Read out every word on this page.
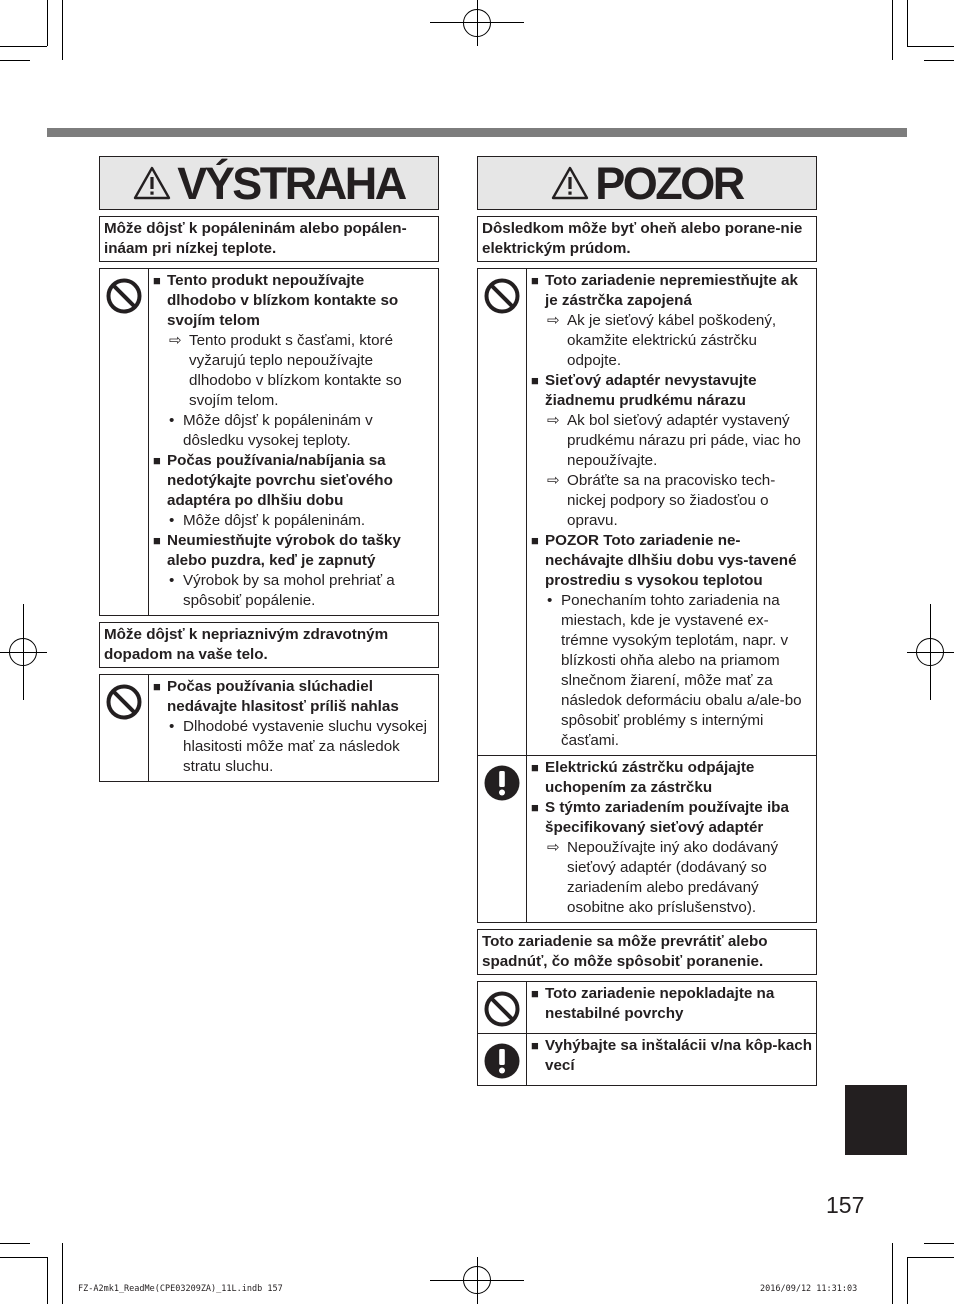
VÝSTRAHA
Môže dôjsť k popáleninám alebo popálen-ináam pri nízkej teplote.
■ Tento produkt nepoužívajte dlhodobo v blízkom kontakte so svojím telom
⇨ Tento produkt s časťami, ktoré vyžarujú teplo nepoužívajte dlhodobo v blízkom kontakte so svojím telom.
• Môže dôjsť k popáleninám v dôsledku vysokej teploty.
■ Počas používania/nabíjania sa nedotýkajte povrchu sieťového adaptéra po dlhšiu dobu
• Môže dôjsť k popáleninám.
■ Neumiestňujte výrobok do tašky alebo puzdra, keď je zapnutý
• Výrobok by sa mohol prehriať a spôsobiť popálenie.
Môže dôjsť k nepriaznivým zdravotným dopadom na vaše telo.
■ Počas používania slúchadiel nedávajte hlasitosť príliš nahlas
• Dlhodobé vystavenie sluchu vysokej hlasitosti môže mať za následok stratu sluchu.
POZOR
Dôsledkom môže byť oheň alebo porane-nie elektrickým prúdom.
■ Toto zariadenie nepremiestňujte ak je zástrčka zapojená
⇨ Ak je sieťový kábel poškodený, okamžite elektrickú zástrčku odpojte.
■ Sieťový adaptér nevystavujte žiadnemu prudkému nárazu
⇨ Ak bol sieťový adaptér vystavený prudkému nárazu pri páde, viac ho nepoužívajte.
⇨ Obráťte sa na pracovisko tech-nickej podpory so žiadosťou o opravu.
■ POZOR Toto zariadenie ne-nechávajte dlhšiu dobu vys-tavené prostrediu s vysokou teplotou
• Ponechaním tohto zariadenia na miestach, kde je vystavené ex-trémne vysokým teplotám, napr. v blízkosti ohňa alebo na priamom slnečnom žiarení, môže mať za následok deformáciu obalu a/ale-bo spôsobiť problémy s internými časťami.
■ Elektrickú zástrčku odpájajte uchopením za zástrčku
■ S týmto zariadením používajte iba špecifikovaný sieťový adaptér
⇨ Nepoužívajte iný ako dodávaný sieťový adaptér (dodávaný so zariadením alebo predávaný osobitne ako príslušenstvo).
Toto zariadenie sa môže prevrátiť alebo spadnúť, čo môže spôsobiť poranenie.
■ Toto zariadenie nepokladajte na nestabilné povrchy
■ Vyhýbajte sa inštalácii v/na kôp-kach vecí
157
FZ-A2mk1_ReadMe(CPE03209ZA)_11L.indb 157	2016/09/12 11:31:03
